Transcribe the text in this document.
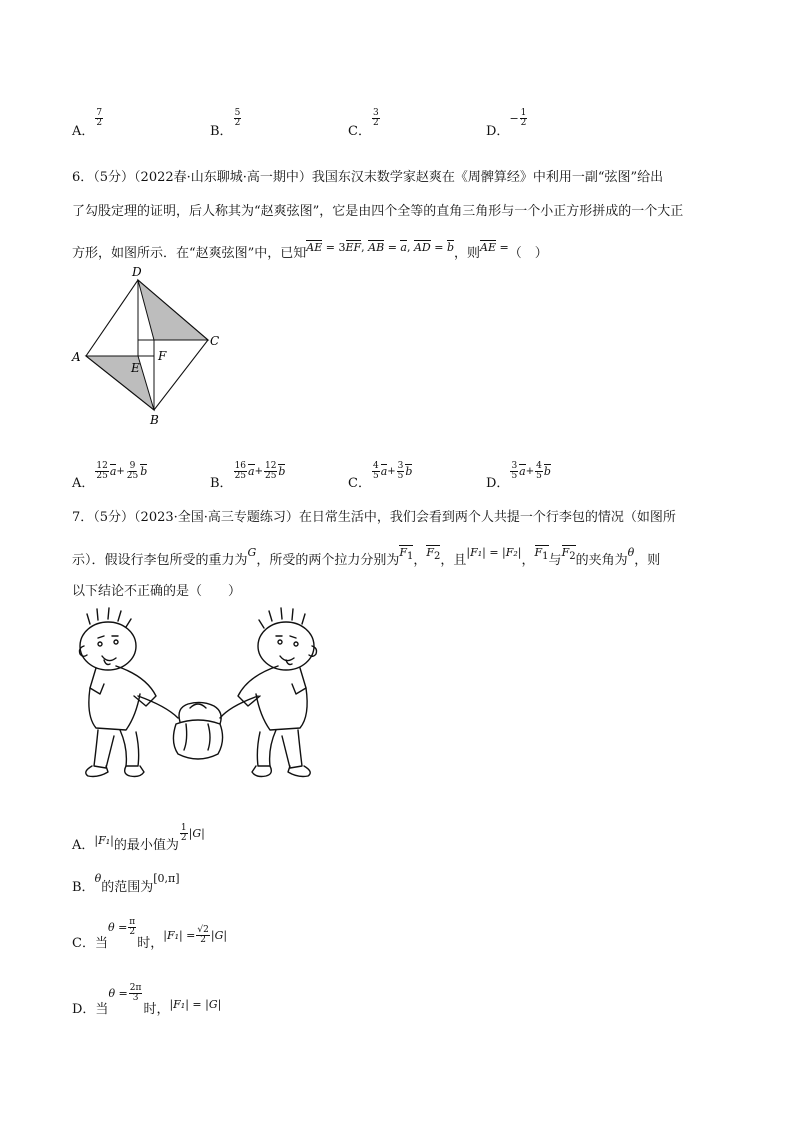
A．
$\frac{7}{2}$
B．
$\frac{5}{2}$
C．
$\frac{3}{2}$
D．
− $\frac{1}{2}$
6．（5分）（2022春·山东聊城·高一期中）我国东汉末数学家赵爽在《周髀算经》中利用一副“弦图”给出
了勾股定理的证明，后人称其为“赵爽弦图”，它是由四个全等的直角三角形与一个小正方形拼成的一个大正
方形，如图所示．在“赵爽弦图”中，已知 AE = 3EF, AB = a, AD = b ，则 AE = （　）
D
C
B
A
E
F
A．
$\frac{12}{25}$ $a + \frac{9}{25}$ b
B．
$\frac{16}{25}$ $a + \frac{12}{25}$ b
C．
$\frac{4}{5}$ $a + \frac{3}{5}$ b
D．
$\frac{3}{5}$ $a + \frac{4}{5}$ b
7．（5分）（2023·全国·高三专题练习）在日常生活中，我们会看到两个人共提一个行李包的情况（如图所
示）．假设行李包所受的重力为
G
，所受的两个拉力分别为
$F_1$ ，
$F_2$ ，且
|F₁| = |F₂|
，
$F_1$ 与
$F_2$ 的夹角为
θ
，则
以下结论不正确的是（　　）
A． |F₁| 的最小值为
$\frac{1}{2} |G|$
B．
θ
的范围为
[0,π]
C．当
$\theta = \frac{\pi}{2}$
时，
$|F_1| = \frac{√2}{2} |G|$
D．当
$\theta = \frac{2\pi}{3}$
时， |F₁| = |G|
